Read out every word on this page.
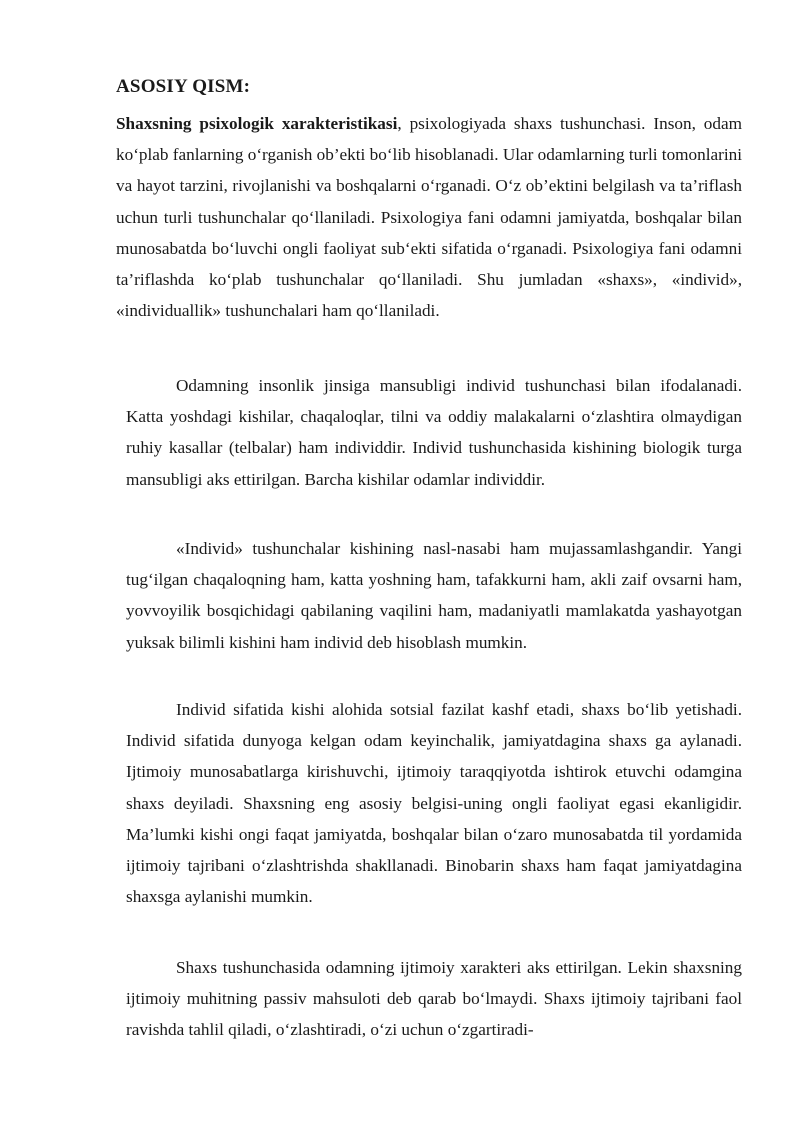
ASOSIY QISM:

Shaxsning psixologik xarakteristikasi, psixologiyada shaxs tushunchasi. Inson, odam ko‘plab fanlarning o‘rganish ob’ekti bo‘lib hisoblanadi. Ular odamlarning turli tomonlarini va hayot tarzini, rivojlanishi va boshqalarni o‘rganadi. O‘z ob’ektini belgilash va ta’riflash uchun turli tushunchalar qo‘llaniladi. Psixologiya fani odamni jamiyatda, boshqalar bilan munosabatda bo‘luvchi ongli faoliyat sub‘ekti sifatida o‘rganadi. Psixologiya fani odamni ta’riflashda ko‘plab tushunchalar qo‘llaniladi. Shu jumladan «shaxs», «individ», «individuallik» tushunchalari ham qo‘llaniladi.

Odamning insonlik jinsiga mansubligi individ tushunchasi bilan ifodalanadi. Katta yoshdagi kishilar, chaqaloqlar, tilni va oddiy malakalarni o‘zlashtira olmaydigan ruhiy kasallar (telbalar) ham individdir. Individ tushunchasida kishining biologik turga mansubligi aks ettirilgan. Barcha kishilar odamlar individdir.

«Individ» tushunchalar kishining nasl-nasabi ham mujassamlashgandir. Yangi tug‘ilgan chaqaloqning ham, katta yoshning ham, tafakkurni ham, akli zaif ovsarni ham, yovvoyilik bosqichidagi qabilaning vaqilini ham, madaniyatli mamlakatda yashayotgan yuksak bilimli kishini ham individ deb hisoblash mumkin.

Individ sifatida kishi alohida sotsial fazilat kashf etadi, shaxs bo‘lib yetishadi. Individ sifatida dunyoga kelgan odam keyinchalik, jamiyatdagina shaxs ga aylanadi. Ijtimoiy munosabatlarga kirishuvchi, ijtimoiy taraqqiyotda ishtirok etuvchi odamgina shaxs deyiladi. Shaxsning eng asosiy belgisi-uning ongli faoliyat egasi ekanligidir. Ma’lumki kishi ongi faqat jamiyatda, boshqalar bilan o‘zaro munosabatda til yordamida ijtimoiy tajribani o‘zlashtrishda shakllanadi. Binobarin shaxs ham faqat jamiyatdagina shaxsga aylanishi mumkin.

Shaxs tushunchasida odamning ijtimoiy xarakteri aks ettirilgan. Lekin shaxsning ijtimoiy muhitning passiv mahsuloti deb qarab bo‘lmaydi. Shaxs ijtimoiy tajribani faol ravishda tahlil qiladi, o‘zlashtiradi, o‘zi uchun o‘zgartiradi-
